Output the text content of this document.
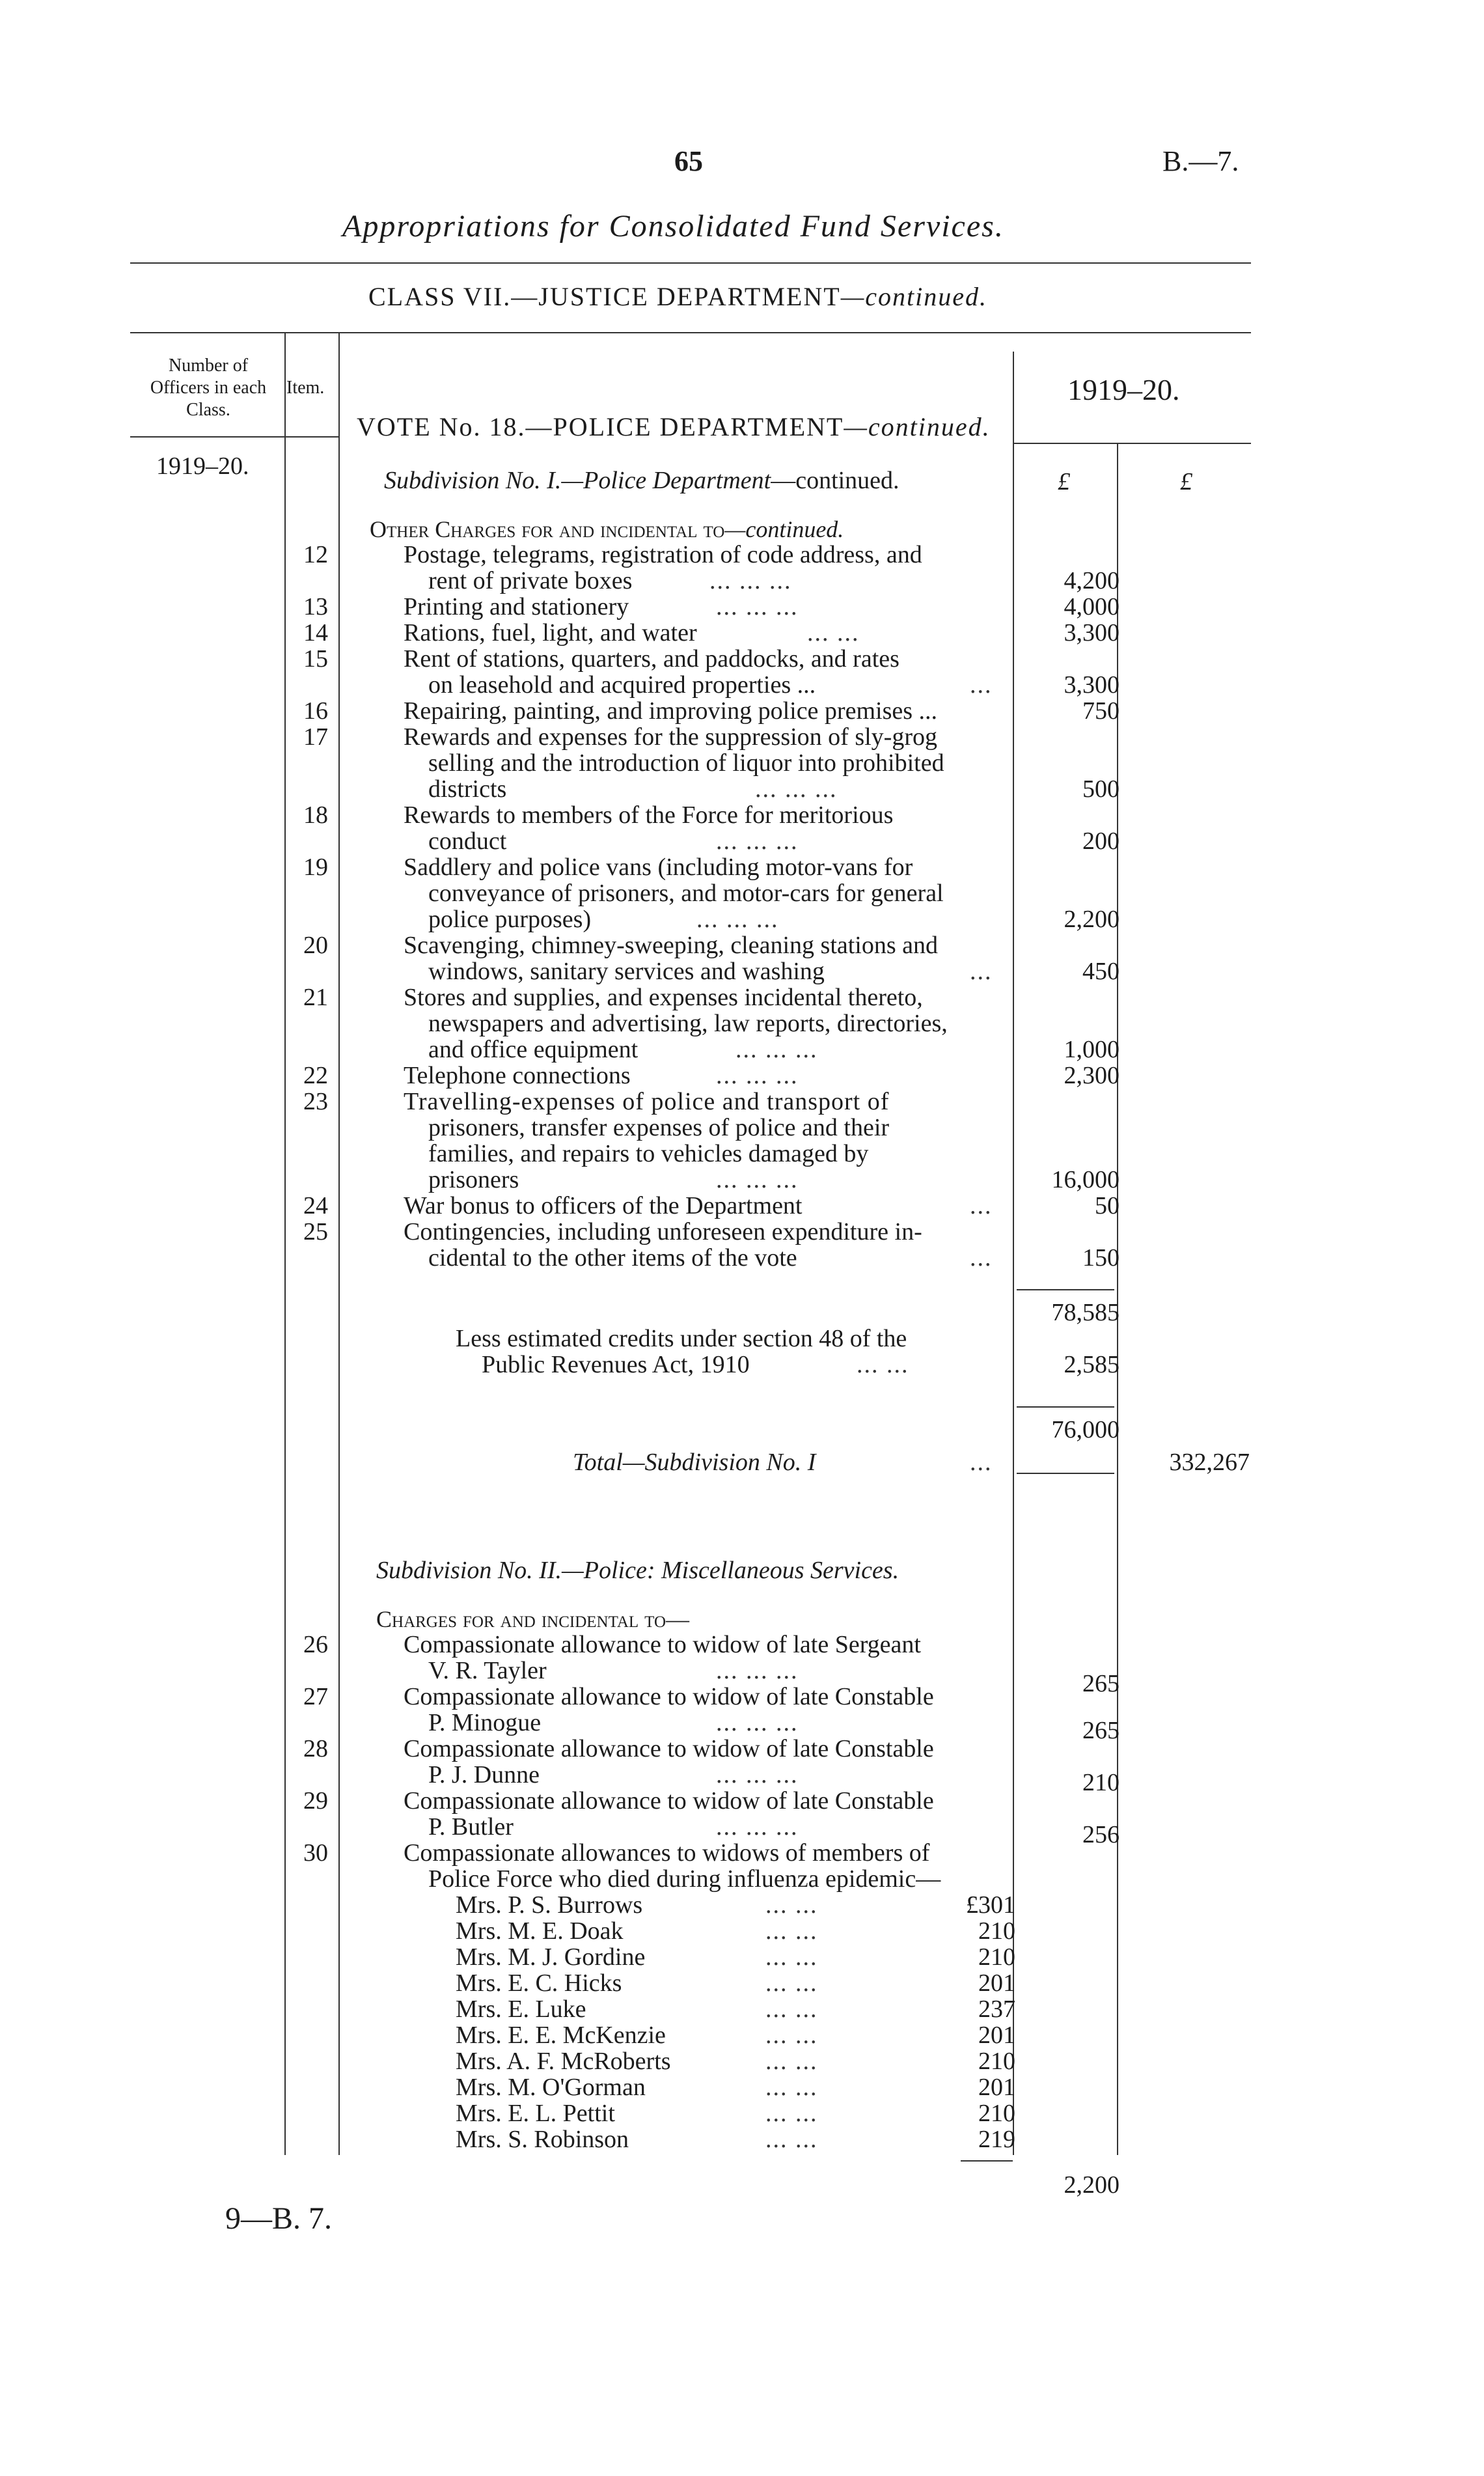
65	B.—7.
Appropriations for Consolidated Fund Services.
CLASS VII.—JUSTICE DEPARTMENT—continued.
Number of
Officers in each
Class.
Item.	1919–20.
VOTE No. 18.—POLICE DEPARTMENT—continued.
1919–20.
£	£
Subdivision No. I.—Police Department—continued.
Other Charges for and incidental to—continued.
12	Postage, telegrams, registration of code address, and
rent of private boxes	... ... ...	4,200
13	Printing and stationery	... ... ...	4,000
14	Rations, fuel, light, and water	... ...	3,300
15	Rent of stations, quarters, and paddocks, and rates
on leasehold and acquired properties ...	...	3,300
16	Repairing, painting, and improving police premises ...	750
17	Rewards and expenses for the suppression of sly-grog
selling and the introduction of liquor into prohibited
districts	... ... ...	500
18	Rewards to members of the Force for meritorious
conduct	... ... ...	200
19	Saddlery and police vans (including motor-vans for
conveyance of prisoners, and motor-cars for general
police purposes)	... ... ...	2,200
20	Scavenging, chimney-sweeping, cleaning stations and
windows, sanitary services and washing	...	450
21	Stores and supplies, and expenses incidental thereto,
newspapers and advertising, law reports, directories,
and office equipment	... ... ...	1,000
22	Telephone connections	... ... ...	2,300
23	Travelling-expenses of police and transport of
prisoners, transfer expenses of police and their
families, and repairs to vehicles damaged by
prisoners	... ... ...	16,000
24	War bonus to officers of the Department	...	50
25	Contingencies, including unforeseen expenditure in-
cidental to the other items of the vote	...	150
78,585
Less estimated credits under section 48 of the
Public Revenues Act, 1910	... ...	2,585
76,000
Total—Subdivision No. I	...	332,267
Subdivision No. II.—Police: Miscellaneous Services.
Charges for and incidental to—
26	Compassionate allowance to widow of late Sergeant
V. R. Tayler	... ... ...	265
27	Compassionate allowance to widow of late Constable
P. Minogue	... ... ...	265
28	Compassionate allowance to widow of late Constable
P. J. Dunne	... ... ...	210
29	Compassionate allowance to widow of late Constable
P. Butler	... ... ...	256
30	Compassionate allowances to widows of members of
Police Force who died during influenza epidemic—
Mrs. P. S. Burrows	... ...	£301
Mrs. M. E. Doak	... ...	210
Mrs. M. J. Gordine	... ...	210
Mrs. E. C. Hicks	... ...	201
Mrs. E. Luke	... ...	237
Mrs. E. E. McKenzie	... ...	201
Mrs. A. F. McRoberts	... ...	210
Mrs. M. O'Gorman	... ...	201
Mrs. E. L. Pettit	... ...	210
Mrs. S. Robinson	... ...	219
2,200
9—B. 7.
